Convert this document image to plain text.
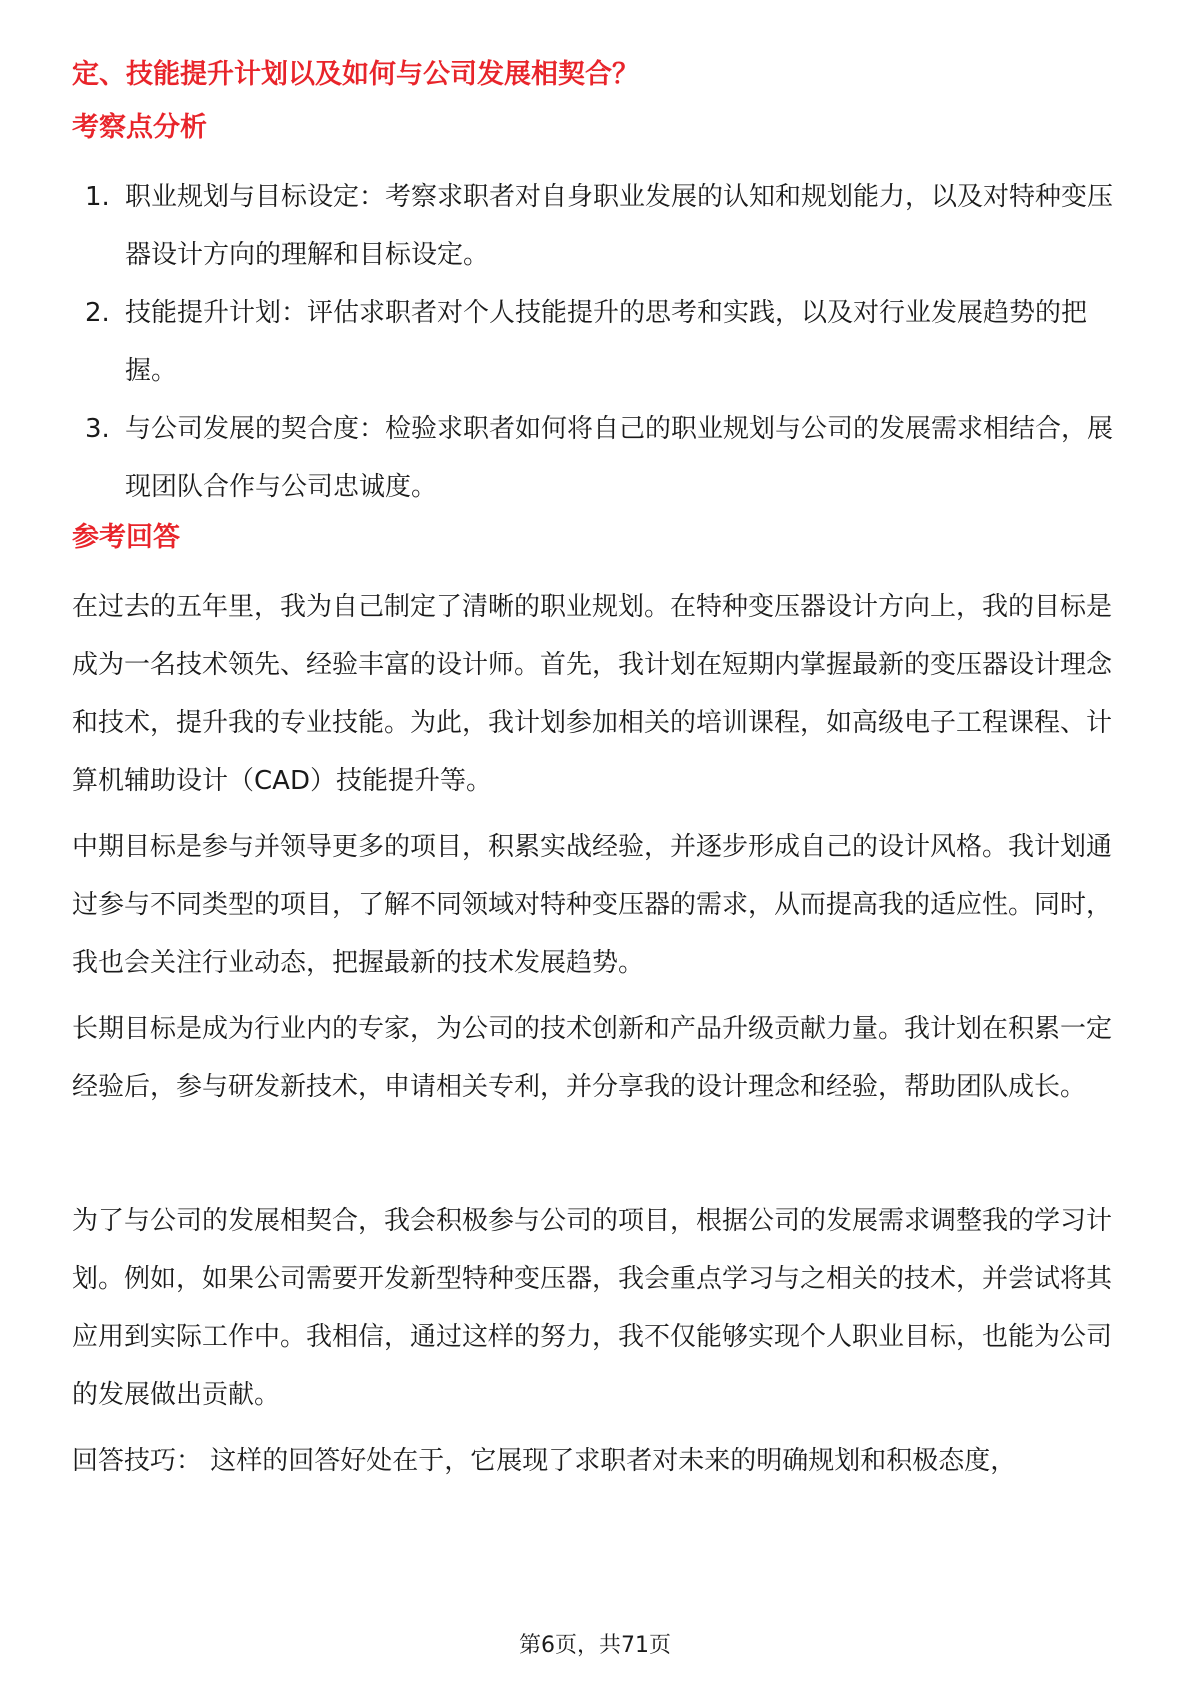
定、技能提升计划以及如何与公司发展相契合？

考察点分析

1. 职业规划与目标设定：考察求职者对自身职业发展的认知和规划能力，以及对特种变压器设计方向的理解和目标设定。
2. 技能提升计划：评估求职者对个人技能提升的思考和实践，以及对行业发展趋势的把握。
3. 与公司发展的契合度：检验求职者如何将自己的职业规划与公司的发展需求相结合，展现团队合作与公司忠诚度。

参考回答

在过去的五年里，我为自己制定了清晰的职业规划。在特种变压器设计方向上，我的目标是成为一名技术领先、经验丰富的设计师。首先，我计划在短期内掌握最新的变压器设计理念和技术，提升我的专业技能。为此，我计划参加相关的培训课程，如高级电子工程课程、计算机辅助设计（CAD）技能提升等。

中期目标是参与并领导更多的项目，积累实战经验，并逐步形成自己的设计风格。我计划通过参与不同类型的项目，了解不同领域对特种变压器的需求，从而提高我的适应性。同时，我也会关注行业动态，把握最新的技术发展趋势。

长期目标是成为行业内的专家，为公司的技术创新和产品升级贡献力量。我计划在积累一定经验后，参与研发新技术，申请相关专利，并分享我的设计理念和经验，帮助团队成长。

为了与公司的发展相契合，我会积极参与公司的项目，根据公司的发展需求调整我的学习计划。例如，如果公司需要开发新型特种变压器，我会重点学习与之相关的技术，并尝试将其应用到实际工作中。我相信，通过这样的努力，我不仅能够实现个人职业目标，也能为公司的发展做出贡献。

回答技巧： 这样的回答好处在于，它展现了求职者对未来的明确规划和积极态度，

第6页，共71页
